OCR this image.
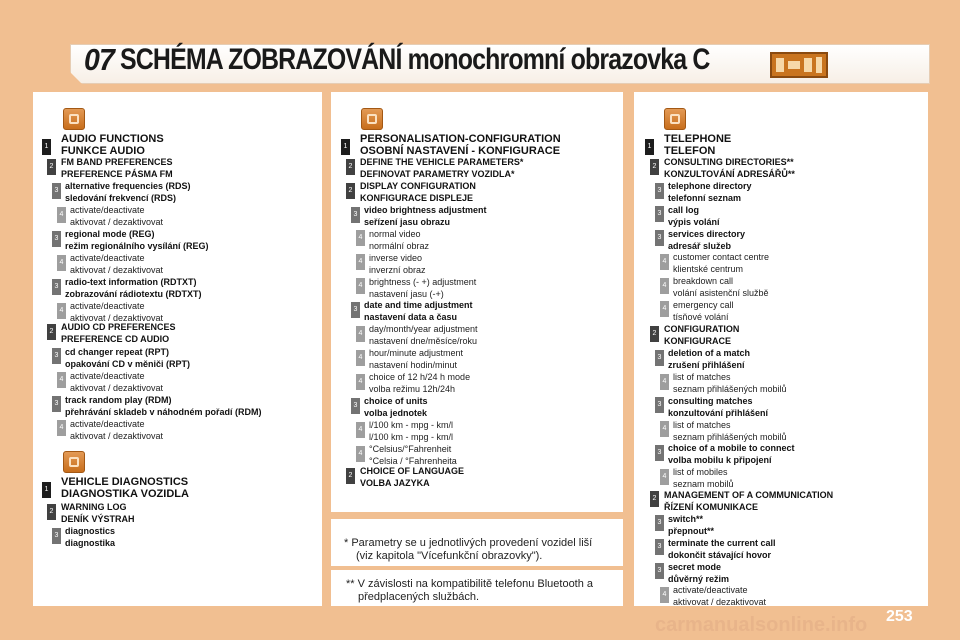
07 SCHÉMA ZOBRAZOVÁNÍ monochromní obrazovka C
1
AUDIO FUNCTIONS
FUNKCE AUDIO
2 FM BAND PREFERENCES
PREFERENCE PÁSMA FM
3 alternative frequencies (RDS)
sledování frekvencí (RDS)
4 activate/deactivate
aktivovat / dezaktivovat
3 regional mode (REG)
režim regionálního vysílání (REG)
4 activate/deactivate
aktivovat / dezaktivovat
3 radio-text information (RDTXT)
zobrazování rádiotextu (RDTXT)
4 activate/deactivate
aktivovat / dezaktivovat
2 AUDIO CD PREFERENCES
PREFERENCE CD AUDIO
3 cd changer repeat (RPT)
opakování CD v měniči (RPT)
4 activate/deactivate
aktivovat / dezaktivovat
3 track random play (RDM)
přehrávání skladeb v náhodném pořadí (RDM)
4 activate/deactivate
aktivovat / dezaktivovat
1
VEHICLE DIAGNOSTICS
DIAGNOSTIKA VOZIDLA
2 WARNING LOG
DENÍK VÝSTRAH
3 diagnostics
diagnostika
1
PERSONALISATION-CONFIGURATION
OSOBNÍ NASTAVENÍ - KONFIGURACE
2 DEFINE THE VEHICLE PARAMETERS*
DEFINOVAT PARAMETRY VOZIDLA*
2 DISPLAY CONFIGURATION
KONFIGURACE DISPLEJE
3 video brightness adjustment
seřízení jasu obrazu
4 normal video
normální obraz
4 inverse video
inverzní obraz
4 brightness (- +) adjustment
nastavení jasu (-+)
3 date and time adjustment
nastavení data a času
4 day/month/year adjustment
nastavení dne/měsíce/roku
4 hour/minute adjustment
nastavení hodin/minut
4 choice of 12 h/24 h mode
volba režimu 12h/24h
3 choice of units
volba jednotek
4 l/100 km - mpg - km/l
l/100 km - mpg - km/l
4 °Celsius/°Fahrenheit
°Celsia / °Fahrenheita
2 CHOICE OF LANGUAGE
VOLBA JAZYKA
* Parametry se u jednotlivých provedení vozidel liší
(viz kapitola "Vícefunkční obrazovky").
** V závislosti na kompatibilitě telefonu Bluetooth a
předplacených službách.
1
TELEPHONE
TELEFON
2 CONSULTING DIRECTORIES**
KONZULTOVÁNÍ ADRESÁŘŮ**
3 telephone directory
telefonní seznam
3 call log
výpis volání
3 services directory
adresář služeb
4 customer contact centre
klientské centrum
4 breakdown call
volání asistenční službě
4 emergency call
tísňové volání
2 CONFIGURATION
KONFIGURACE
3 deletion of a match
zrušení přihlášení
4 list of matches
seznam přihlášených mobilů
3 consulting matches
konzultování přihlášení
4 list of matches
seznam přihlášených mobilů
3 choice of a mobile to connect
volba mobilu k připojení
4 list of mobiles
seznam mobilů
2 MANAGEMENT OF A COMMUNICATION
ŘÍZENÍ KOMUNIKACE
3 switch**
přepnout**
3 terminate the current call
dokončit stávající hovor
3 secret mode
důvěrný režim
4 activate/deactivate
aktivovat / dezaktivovat
carmanualsonline.info 253
